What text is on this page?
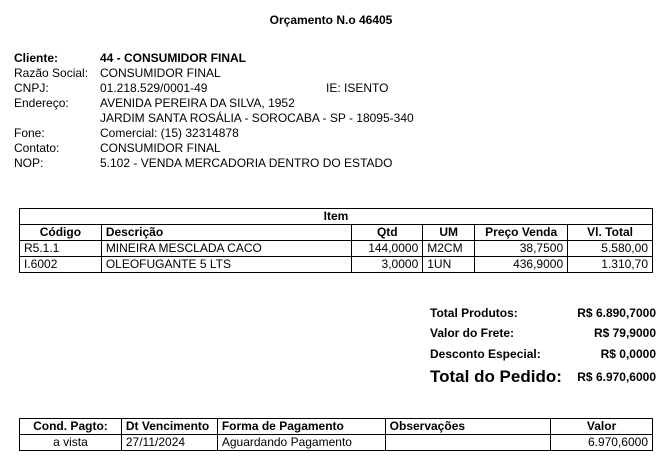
Orçamento N.o 46405
Cliente:	44 - CONSUMIDOR FINAL
Razão Social: CONSUMIDOR FINAL
CNPJ:	01.218.529/0001-49	IE: ISENTO
Endereço:	AVENIDA PEREIRA DA SILVA, 1952
JARDIM SANTA ROSÁLIA - SOROCABA - SP - 18095-340
Fone:	Comercial: (15) 32314878
Contato:	CONSUMIDOR FINAL
NOP:	5.102 - VENDA MERCADORIA DENTRO DO ESTADO
Item					
Código	Descrição	Qtd	UM	Preço Venda	Vl. Total
R5.1.1	MINEIRA MESCLADA CACO	144,0000	M2CM	38,7500	5.580,00
I.6002	OLEOFUGANTE 5 LTS	3,0000	1UN	436,9000	1.310,70
Total Produtos:	R$ 6.890,7000
Valor do Frete:	R$ 79,9000
Desconto Especial:	R$ 0,0000
Total do Pedido: R$ 6.970,6000
Cond. Pagto:	Dt Vencimento	Forma de Pagamento	Observações	Valor
a vista	27/11/2024	Aguardando Pagamento		6.970,6000
